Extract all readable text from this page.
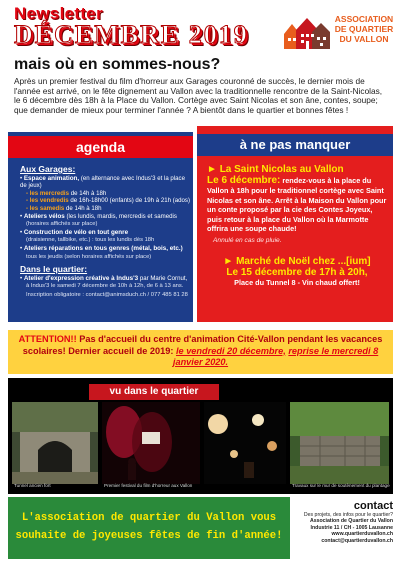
Newsletter
DÉCEMBRE 2019
mais où en sommes-nous?
ASSOCIATION
DE QUARTIER
DU VALLON

Après un premier festival du film d'horreur aux Garages couronné de succès, le dernier mois de l'année est arrivé, on le fête dignement au Vallon avec la traditionnelle rencontre de la Saint-Nicolas, le 6 décembre dès 18h à la Place du Vallon. Cortège avec Saint Nicolas et son âne, contes, soupe; que demander de mieux pour terminer l'année ? A bientôt dans le quartier et bonnes fêtes !

agenda
Aux Garages:
• Espace animation, (en alternance avec Indus'3 et la place de jeux)
- les mercredis de 14h à 18h
- les vendredis de 16h-18h00 (enfants) de 19h à 21h (ados)
- les samedis de 14h à 18h
• Ateliers vélos (les lundis, mardis, mercredis et samedis
(horaires affichés sur place)
• Construction de vélo en tout genre
(draisienne, tallbike, etc.) : tous les lundis dès 18h
• Ateliers réparations en tous genres (métal, bois, etc.)
tous les jeudis (selon horaires affichés sur place)
Dans le quartier:
• Atelier d'expression créative à Indus'3 par Marie Cornut,
à Indus'3 le samedi 7 décembre de 10h à 12h, de 6 à 13 ans.
Inscription obligatoire : contact@animsduch.ch / 077 485 81 28
à ne pas manquer
► La Saint Nicolas au Vallon
Le 6 décembre: rendez-vous à la place du Vallon à 18h pour le traditionnel cortège avec Saint Nicolas et son âne. Arrêt à la Maison du Vallon pour un conte proposé par la cie des Contes Joyeux, puis retour à la place du Vallon où la Marmotte offrira une soupe chaude!
Annulé en cas de pluie.
► Marché de Noël chez ...[ium]
Le 15 décembre de 17h à 20h,
Place du Tunnel 8 - Vin chaud offert!
ATTENTION!! Pas d'accueil du centre d'animation Cité-Vallon pendant les vacances scolaires! Dernier accueil de 2019: le vendredi 20 décembre, reprise le mercredi 8 janvier 2020.
vu dans le quartier
Tunnel ancien fort	Premier festival du film d'horreur aux Vallon	Travaux sur le mur de soutènement du plantage
L'association de quartier du Vallon vous
souhaite de joyeuses fêtes de fin d'année!
contact
Des projets, des infos pour le quartier?
Association de Quartier du Vallon
Industrie 11 / CH - 1005 Lausanne
www.quartierduvallon.ch
contact@quartierduvallon.ch
